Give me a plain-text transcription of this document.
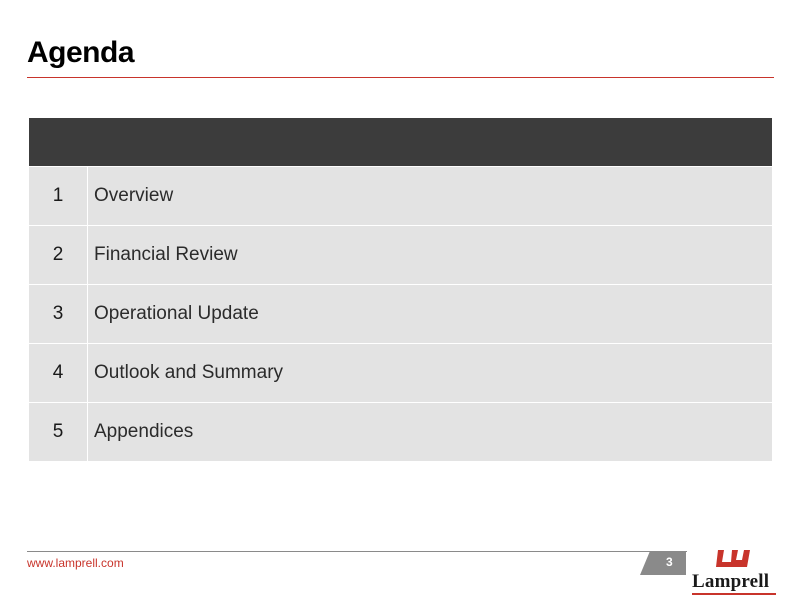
Agenda
1	Overview
2	Financial Review
3	Operational Update
4	Outlook and Summary
5	Appendices
www.lamprell.com	3
Lamprell
